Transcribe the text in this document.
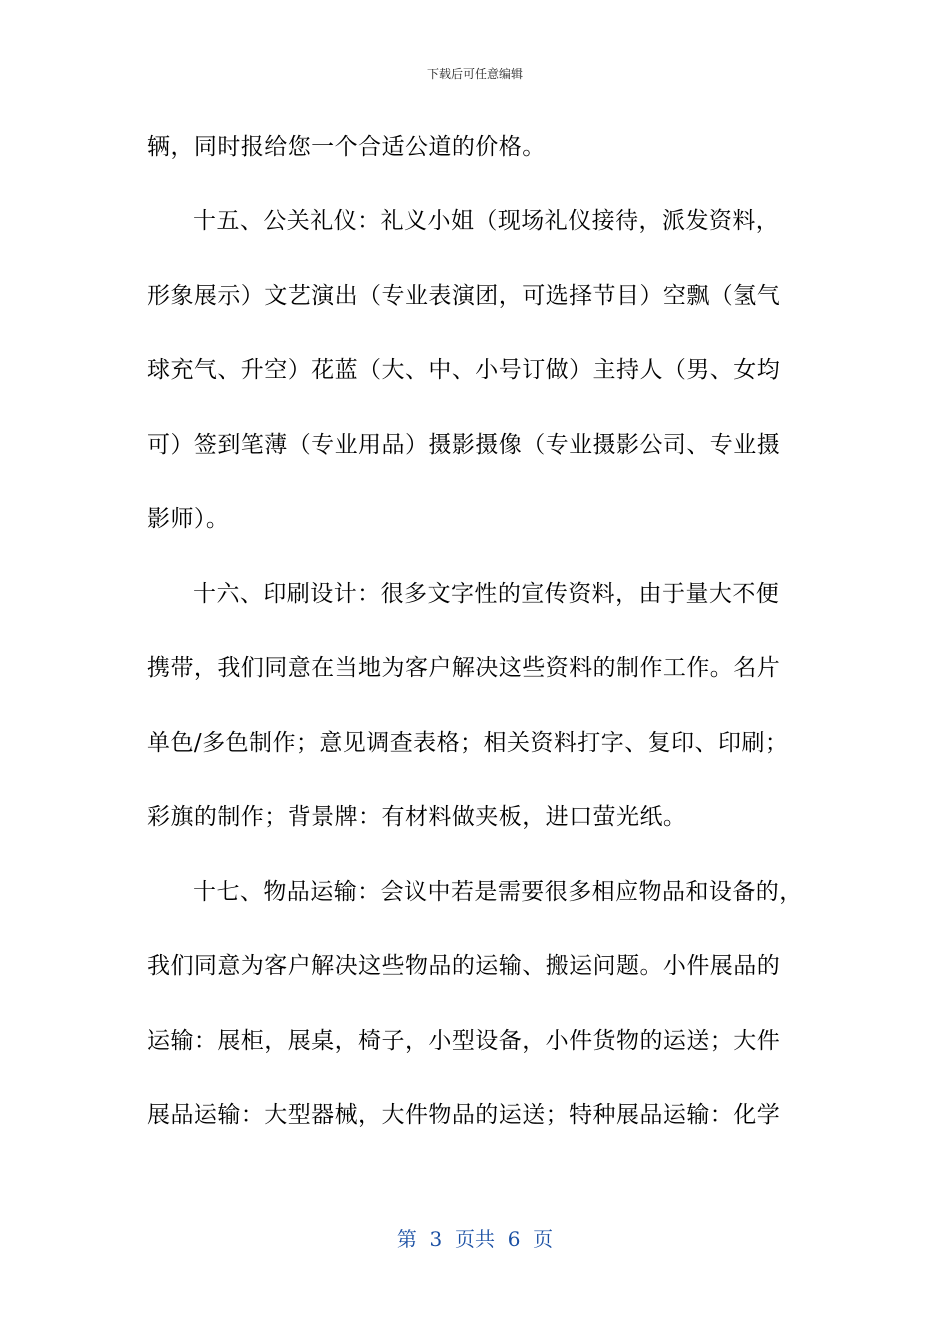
下载后可任意编辑

辆，同时报给您一个合适公道的价格。

十五、公关礼仪：礼义小姐（现场礼仪接待，派发资料，

形象展示）文艺演出（专业表演团，可选择节目）空飘（氢气

球充气、升空）花蓝（大、中、小号订做）主持人（男、女均

可）签到笔薄（专业用品）摄影摄像（专业摄影公司、专业摄

影师）。

十六、印刷设计：很多文字性的宣传资料，由于量大不便

携带，我们同意在当地为客户解决这些资料的制作工作。名片

单色/多色制作；意见调查表格；相关资料打字、复印、印刷；

彩旗的制作；背景牌：有材料做夹板，进口萤光纸。

十七、物品运输：会议中若是需要很多相应物品和设备的，

我们同意为客户解决这些物品的运输、搬运问题。小件展品的

运输：展柜，展桌，椅子，小型设备，小件货物的运送；大件

展品运输：大型器械，大件物品的运送；特种展品运输：化学

第  3  页共  6  页
